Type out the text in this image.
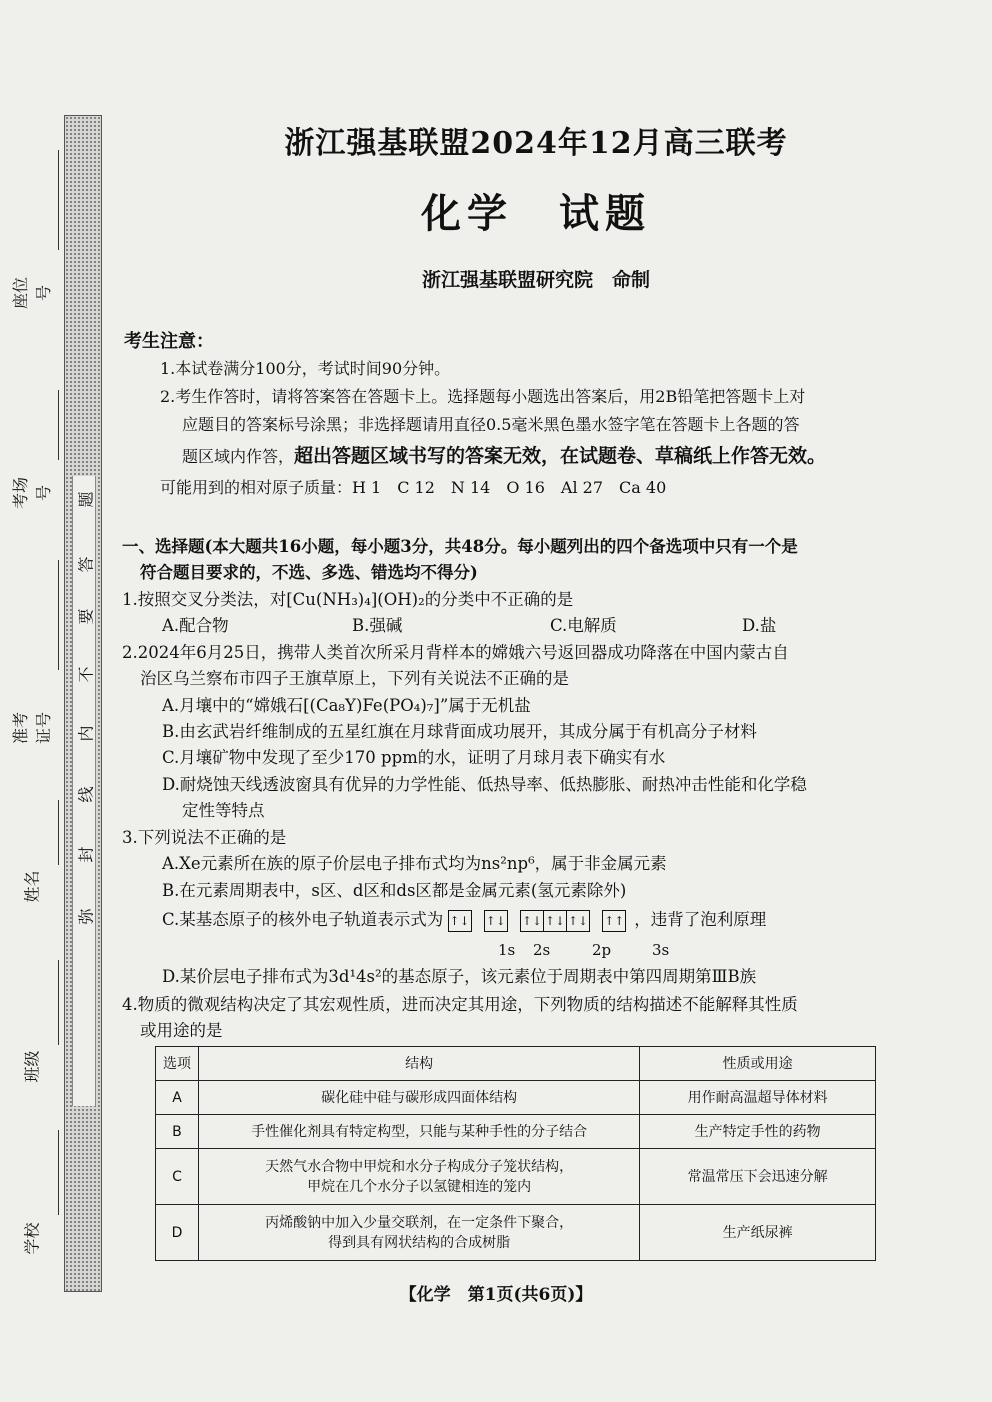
题
答
要
不
内
线
封
弥
座位号
考场号
准考证号
姓名
班级
学校
浙江强基联盟2024年12月高三联考
化学　试题
浙江强基联盟研究院　命制
考生注意：
1.本试卷满分100分，考试时间90分钟。
2.考生作答时，请将答案答在答题卡上。选择题每小题选出答案后，用2B铅笔把答题卡上对
应题目的答案标号涂黑；非选择题请用直径0.5毫米黑色墨水签字笔在答题卡上各题的答
题区域内作答，超出答题区域书写的答案无效，在试题卷、草稿纸上作答无效。
可能用到的相对原子质量：H 1　C 12　N 14　O 16　Al 27　Ca 40
一、选择题(本大题共16小题，每小题3分，共48分。每小题列出的四个备选项中只有一个是
符合题目要求的，不选、多选、错选均不得分)
1.按照交叉分类法，对[Cu(NH₃)₄](OH)₂的分类中不正确的是
A.配合物	B.强碱	C.电解质	D.盐
2.2024年6月25日，携带人类首次所采月背样本的嫦娥六号返回器成功降落在中国内蒙古自
治区乌兰察布市四子王旗草原上，下列有关说法不正确的是
A.月壤中的“嫦娥石[(Ca₈Y)Fe(PO₄)₇]”属于无机盐
B.由玄武岩纤维制成的五星红旗在月球背面成功展开，其成分属于有机高分子材料
C.月壤矿物中发现了至少170 ppm的水，证明了月球月表下确实有水
D.耐烧蚀天线透波窗具有优异的力学性能、低热导率、低热膨胀、耐热冲击性能和化学稳
定性等特点
3.下列说法不正确的是
A.Xe元素所在族的原子价层电子排布式均为ns²np⁶，属于非金属元素
B.在元素周期表中，s区、d区和ds区都是金属元素(氢元素除外)
C.某基态原子的核外电子轨道表示式为 ↑↓ ↑↓ ↑↓ ↑↓ ↑↓ ↑↑ ，违背了泡利原理
1s 2s	2p	3s
D.某价层电子排布式为3d¹4s²的基态原子，该元素位于周期表中第四周期第ⅢB族
4.物质的微观结构决定了其宏观性质，进而决定其用途，下列物质的结构描述不能解释其性质
或用途的是
选项	结构	性质或用途
A	碳化硅中硅与碳形成四面体结构	用作耐高温超导体材料
B	手性催化剂具有特定构型，只能与某种手性的分子结合	生产特定手性的药物
C	天然气水合物中甲烷和水分子构成分子笼状结构，
甲烷在几个水分子以氢键相连的笼内	常温常压下会迅速分解
D	丙烯酸钠中加入少量交联剂，在一定条件下聚合，
得到具有网状结构的合成树脂	生产纸尿裤
【化学　第1页(共6页)】
